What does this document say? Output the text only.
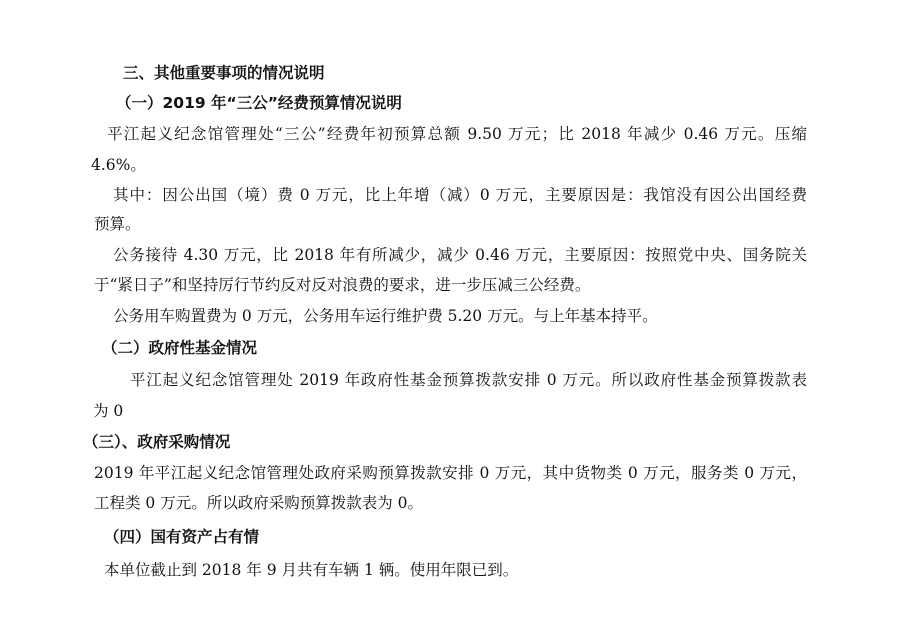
三、其他重要事项的情况说明
（一）2019 年“三公”经费预算情况说明
平江起义纪念馆管理处“三公”经费年初预算总额 9.50 万元；比 2018 年减少 0.46 万元。压缩
4.6%。
其中：因公出国（境）费 0 万元，比上年增（减）0 万元，主要原因是：我馆没有因公出国经费
预算。
公务接待 4.30 万元，比 2018 年有所减少，减少 0.46 万元，主要原因：按照党中央、国务院关
于“紧日子”和坚持厉行节约反对反对浪费的要求，进一步压减三公经费。
公务用车购置费为 0 万元，公务用车运行维护费 5.20 万元。与上年基本持平。
（二）政府性基金情况
平江起义纪念馆管理处 2019 年政府性基金预算拨款安排 0 万元。所以政府性基金预算拨款表
为 0
（三）、政府采购情况
2019 年平江起义纪念馆管理处政府采购预算拨款安排 0 万元，其中货物类 0 万元，服务类 0 万元，
工程类 0 万元。所以政府采购预算拨款表为 0。
（四）国有资产占有情
本单位截止到 2018 年 9 月共有车辆 1 辆。使用年限已到。
